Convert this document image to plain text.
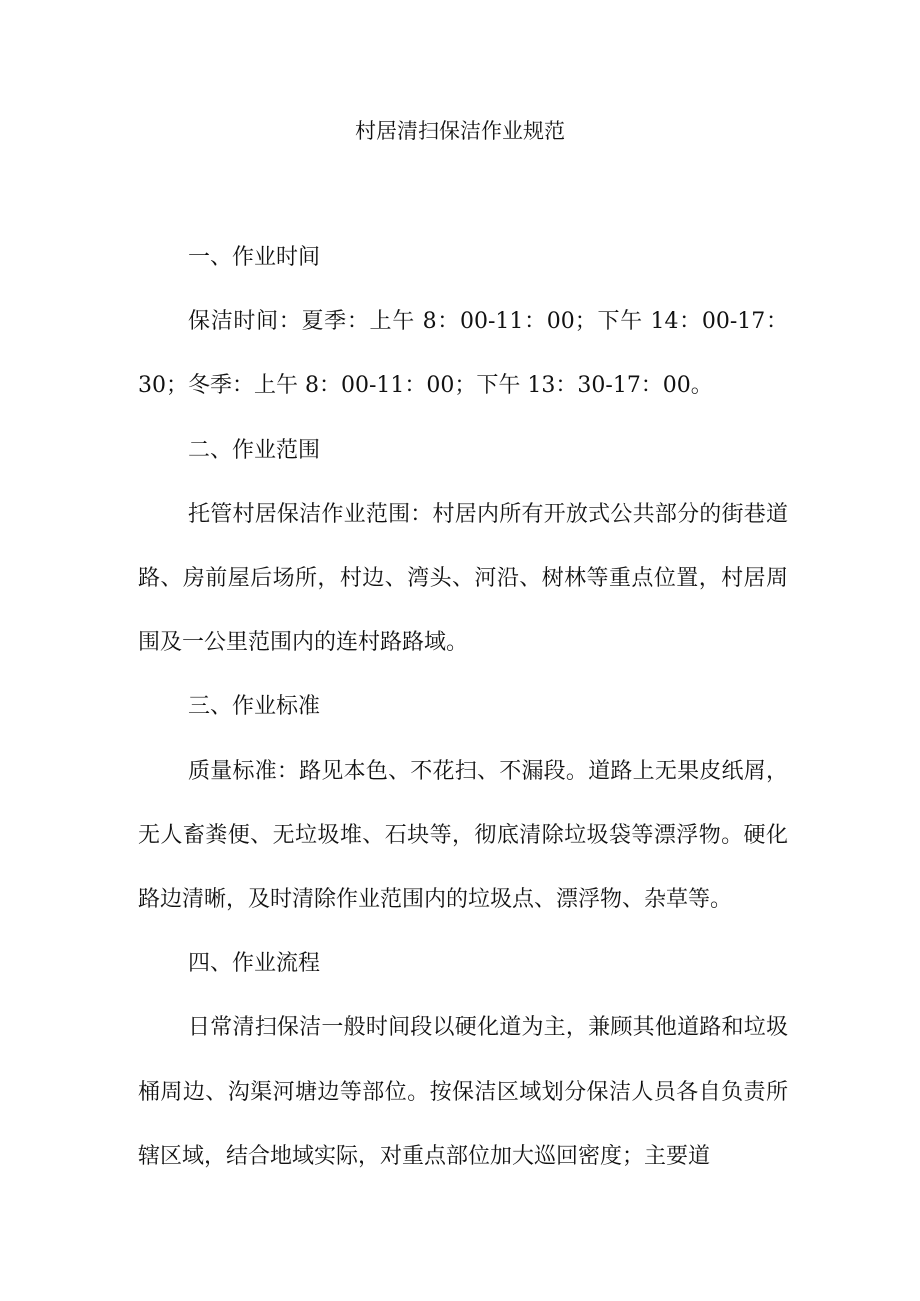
村居清扫保洁作业规范

一、作业时间

保洁时间：夏季：上午 8：00-11：00；下午 14：00-17：30；冬季：上午 8：00-11：00；下午 13：30-17：00。

二、作业范围

托管村居保洁作业范围：村居内所有开放式公共部分的街巷道路、房前屋后场所，村边、湾头、河沿、树林等重点位置，村居周围及一公里范围内的连村路路域。

三、作业标准

质量标准：路见本色、不花扫、不漏段。道路上无果皮纸屑，无人畜粪便、无垃圾堆、石块等，彻底清除垃圾袋等漂浮物。硬化路边清晰，及时清除作业范围内的垃圾点、漂浮物、杂草等。

四、作业流程

日常清扫保洁一般时间段以硬化道为主，兼顾其他道路和垃圾桶周边、沟渠河塘边等部位。按保洁区域划分保洁人员各自负责所辖区域，结合地域实际，对重点部位加大巡回密度；主要道
